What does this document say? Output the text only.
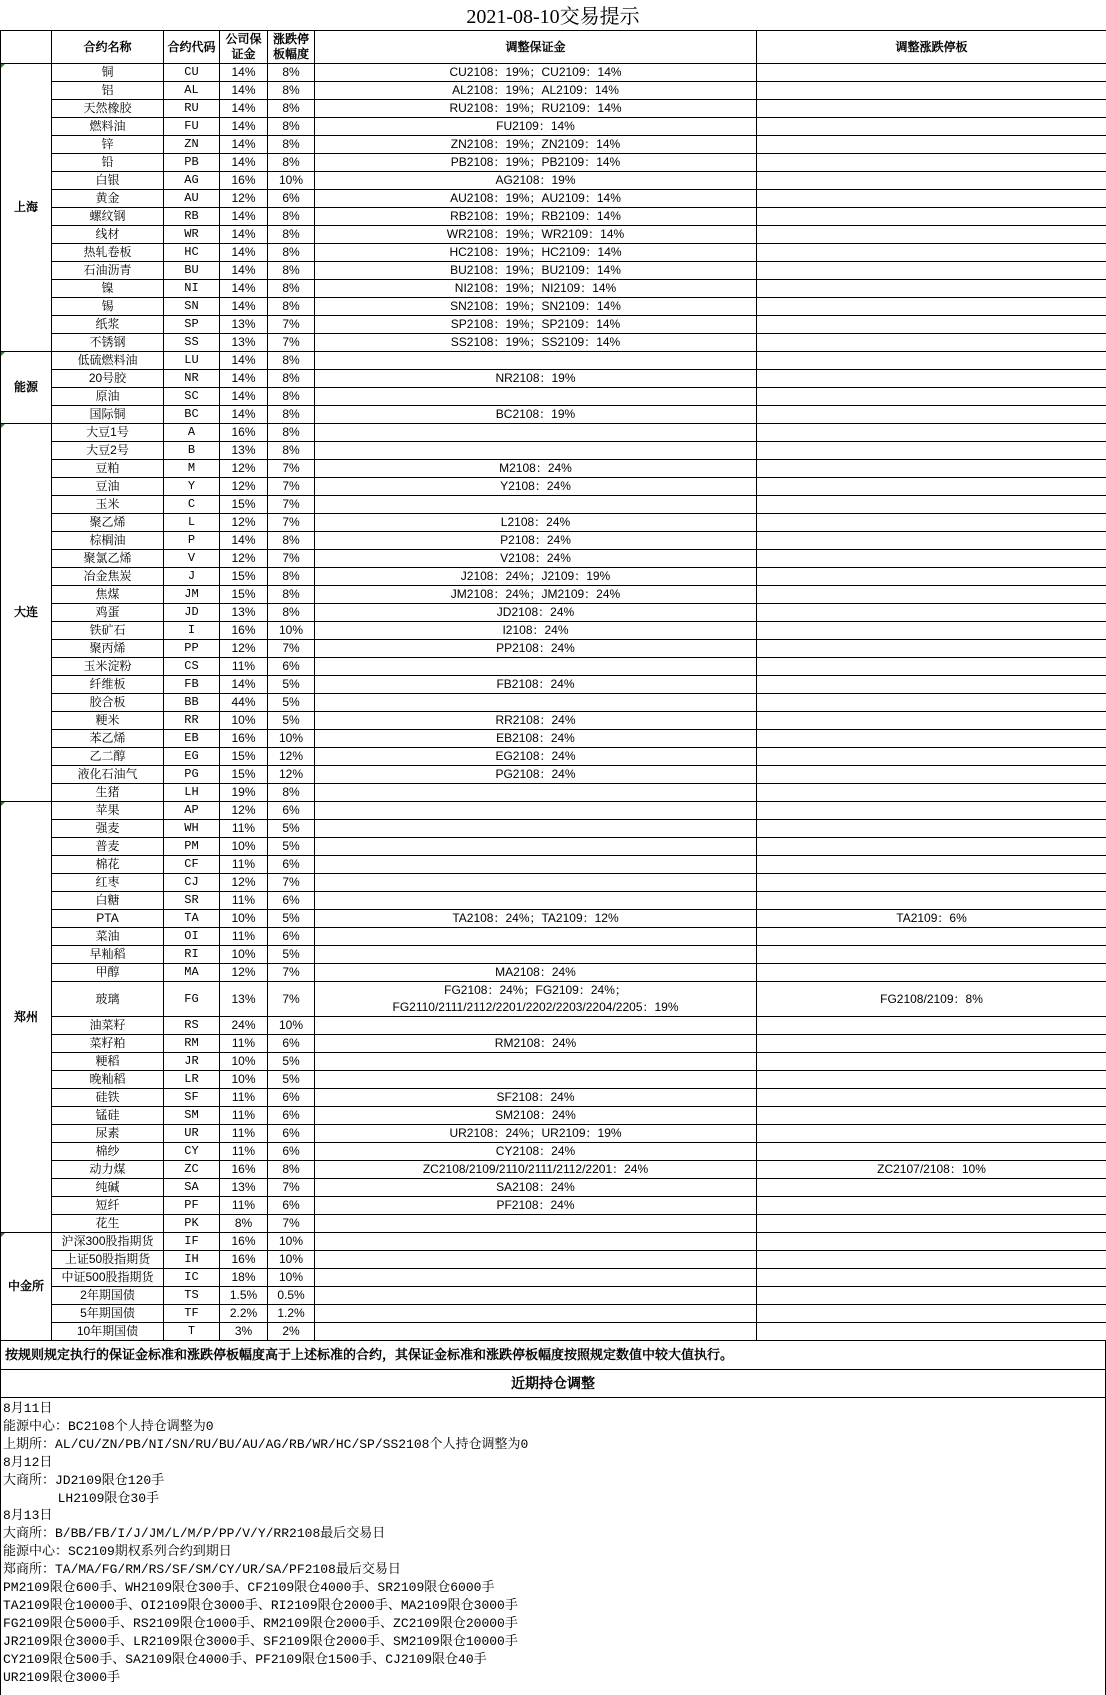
2021-08-10交易提示
	合约名称	合约代码	公司保证金	涨跌停板幅度	调整保证金	调整涨跌停板
上海	铜	CU	14%	8%	CU2108：19%；CU2109：14%	
	铝	AL	14%	8%	AL2108：19%；AL2109：14%	
	天然橡胶	RU	14%	8%	RU2108：19%；RU2109：14%	
	燃料油	FU	14%	8%	FU2109：14%	
	锌	ZN	14%	8%	ZN2108：19%；ZN2109：14%	
	铅	PB	14%	8%	PB2108：19%；PB2109：14%	
	白银	AG	16%	10%	AG2108：19%	
	黄金	AU	12%	6%	AU2108：19%；AU2109：14%	
	螺纹钢	RB	14%	8%	RB2108：19%；RB2109：14%	
	线材	WR	14%	8%	WR2108：19%；WR2109：14%	
	热轧卷板	HC	14%	8%	HC2108：19%；HC2109：14%	
	石油沥青	BU	14%	8%	BU2108：19%；BU2109：14%	
	镍	NI	14%	8%	NI2108：19%；NI2109：14%	
	锡	SN	14%	8%	SN2108：19%；SN2109：14%	
	纸浆	SP	13%	7%	SP2108：19%；SP2109：14%	
	不锈钢	SS	13%	7%	SS2108：19%；SS2109：14%	
能源	低硫燃料油	LU	14%	8%		
	20号胶	NR	14%	8%	NR2108：19%	
	原油	SC	14%	8%		
	国际铜	BC	14%	8%	BC2108：19%	
大连	大豆1号	A	16%	8%		
	大豆2号	B	13%	8%		
	豆粕	M	12%	7%	M2108：24%	
	豆油	Y	12%	7%	Y2108：24%	
	玉米	C	15%	7%		
	聚乙烯	L	12%	7%	L2108：24%	
	棕榈油	P	14%	8%	P2108：24%	
	聚氯乙烯	V	12%	7%	V2108：24%	
	冶金焦炭	J	15%	8%	J2108：24%；J2109：19%	
	焦煤	JM	15%	8%	JM2108：24%；JM2109：24%	
	鸡蛋	JD	13%	8%	JD2108：24%	
	铁矿石	I	16%	10%	I2108：24%	
	聚丙烯	PP	12%	7%	PP2108：24%	
	玉米淀粉	CS	11%	6%		
	纤维板	FB	14%	5%	FB2108：24%	
	胶合板	BB	44%	5%		
	粳米	RR	10%	5%	RR2108：24%	
	苯乙烯	EB	16%	10%	EB2108：24%	
	乙二醇	EG	15%	12%	EG2108：24%	
	液化石油气	PG	15%	12%	PG2108：24%	
	生猪	LH	19%	8%		
郑州	苹果	AP	12%	6%		
	强麦	WH	11%	5%		
	普麦	PM	10%	5%		
	棉花	CF	11%	6%		
	红枣	CJ	12%	7%		
	白糖	SR	11%	6%		
	PTA	TA	10%	5%	TA2108：24%；TA2109：12%	TA2109：6%
	菜油	OI	11%	6%		
	早籼稻	RI	10%	5%		
	甲醇	MA	12%	7%	MA2108：24%	
	玻璃	FG	13%	7%	FG2108：24%；FG2109：24%；
FG2110/2111/2112/2201/2202/2203/2204/2205：19%	FG2108/2109：8%
	油菜籽	RS	24%	10%		
	菜籽粕	RM	11%	6%	RM2108：24%	
	粳稻	JR	10%	5%		
	晚籼稻	LR	10%	5%		
	硅铁	SF	11%	6%	SF2108：24%	
	锰硅	SM	11%	6%	SM2108：24%	
	尿素	UR	11%	6%	UR2108：24%；UR2109：19%	
	棉纱	CY	11%	6%	CY2108：24%	
	动力煤	ZC	16%	8%	ZC2108/2109/2110/2111/2112/2201：24%	ZC2107/2108：10%
	纯碱	SA	13%	7%	SA2108：24%	
	短纤	PF	11%	6%	PF2108：24%	
	花生	PK	8%	7%		
中金所	沪深300股指期货	IF	16%	10%		
	上证50股指期货	IH	16%	10%		
	中证500股指期货	IC	18%	10%		
	2年期国债	TS	1.5%	0.5%		
	5年期国债	TF	2.2%	1.2%		
	10年期国债	T	3%	2%		
按规则规定执行的保证金标准和涨跌停板幅度高于上述标准的合约，其保证金标准和涨跌停板幅度按照规定数值中较大值执行。
近期持仓调整
8月11日
能源中心：BC2108个人持仓调整为0
上期所：AL/CU/ZN/PB/NI/SN/RU/BU/AU/AG/RB/WR/HC/SP/SS2108个人持仓调整为0
8月12日
大商所：JD2109限仓120手
LH2109限仓30手
8月13日
大商所：B/BB/FB/I/J/JM/L/M/P/PP/V/Y/RR2108最后交易日
能源中心：SC2109期权系列合约到期日
郑商所：TA/MA/FG/RM/RS/SF/SM/CY/UR/SA/PF2108最后交易日
PM2109限仓600手、WH2109限仓300手、CF2109限仓4000手、SR2109限仓6000手
TA2109限仓10000手、OI2109限仓3000手、RI2109限仓2000手、MA2109限仓3000手
FG2109限仓5000手、RS2109限仓1000手、RM2109限仓2000手、ZC2109限仓20000手
JR2109限仓3000手、LR2109限仓3000手、SF2109限仓2000手、SM2109限仓10000手
CY2109限仓500手、SA2109限仓4000手、PF2109限仓1500手、CJ2109限仓40手
UR2109限仓3000手
